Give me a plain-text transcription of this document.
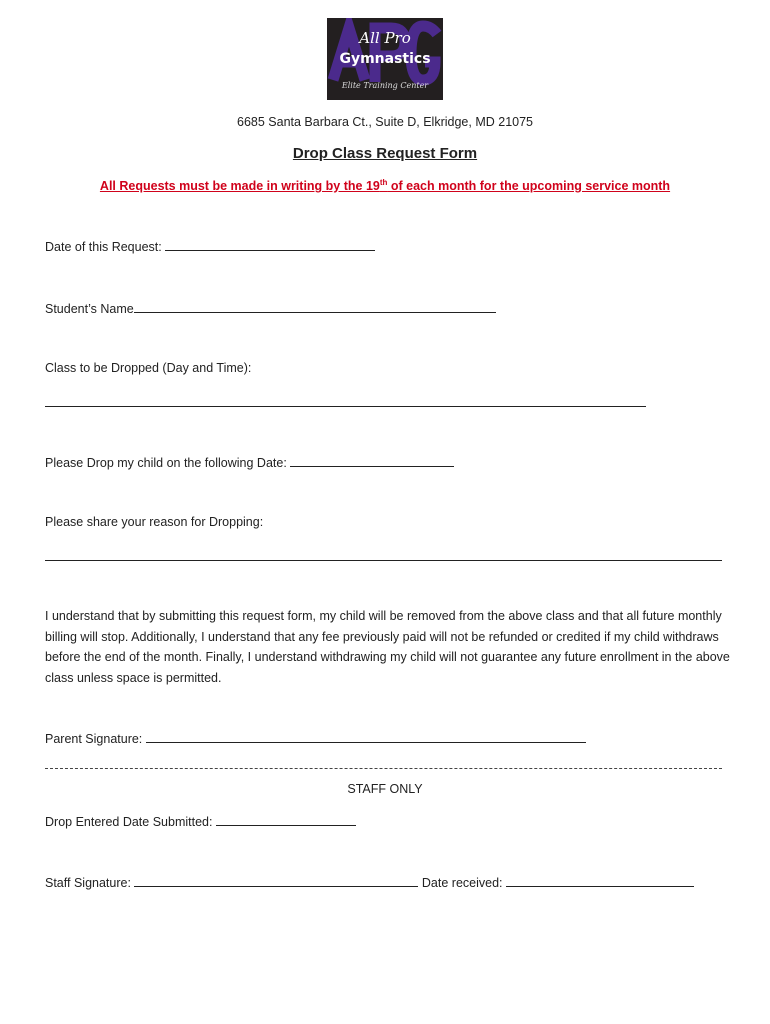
All Pro
Gymnastics
Elite Training Center
6685 Santa Barbara Ct., Suite D, Elkridge, MD 21075
Drop Class Request Form
All Requests must be made in writing by the 19th of each month for the upcoming service month
Date of this Request:
Student’s Name
Class to be Dropped (Day and Time):
Please Drop my child on the following Date:
Please share your reason for Dropping:
I understand that by submitting this request form, my child will be removed from the above class and that all future monthly billing will stop. Additionally, I understand that any fee previously paid will not be refunded or credited if my child withdraws before the end of the month. Finally, I understand withdrawing my child will not guarantee any future enrollment in the above class unless space is permitted.
Parent Signature:
STAFF ONLY
Drop Entered Date Submitted:
Staff Signature:	Date received:
